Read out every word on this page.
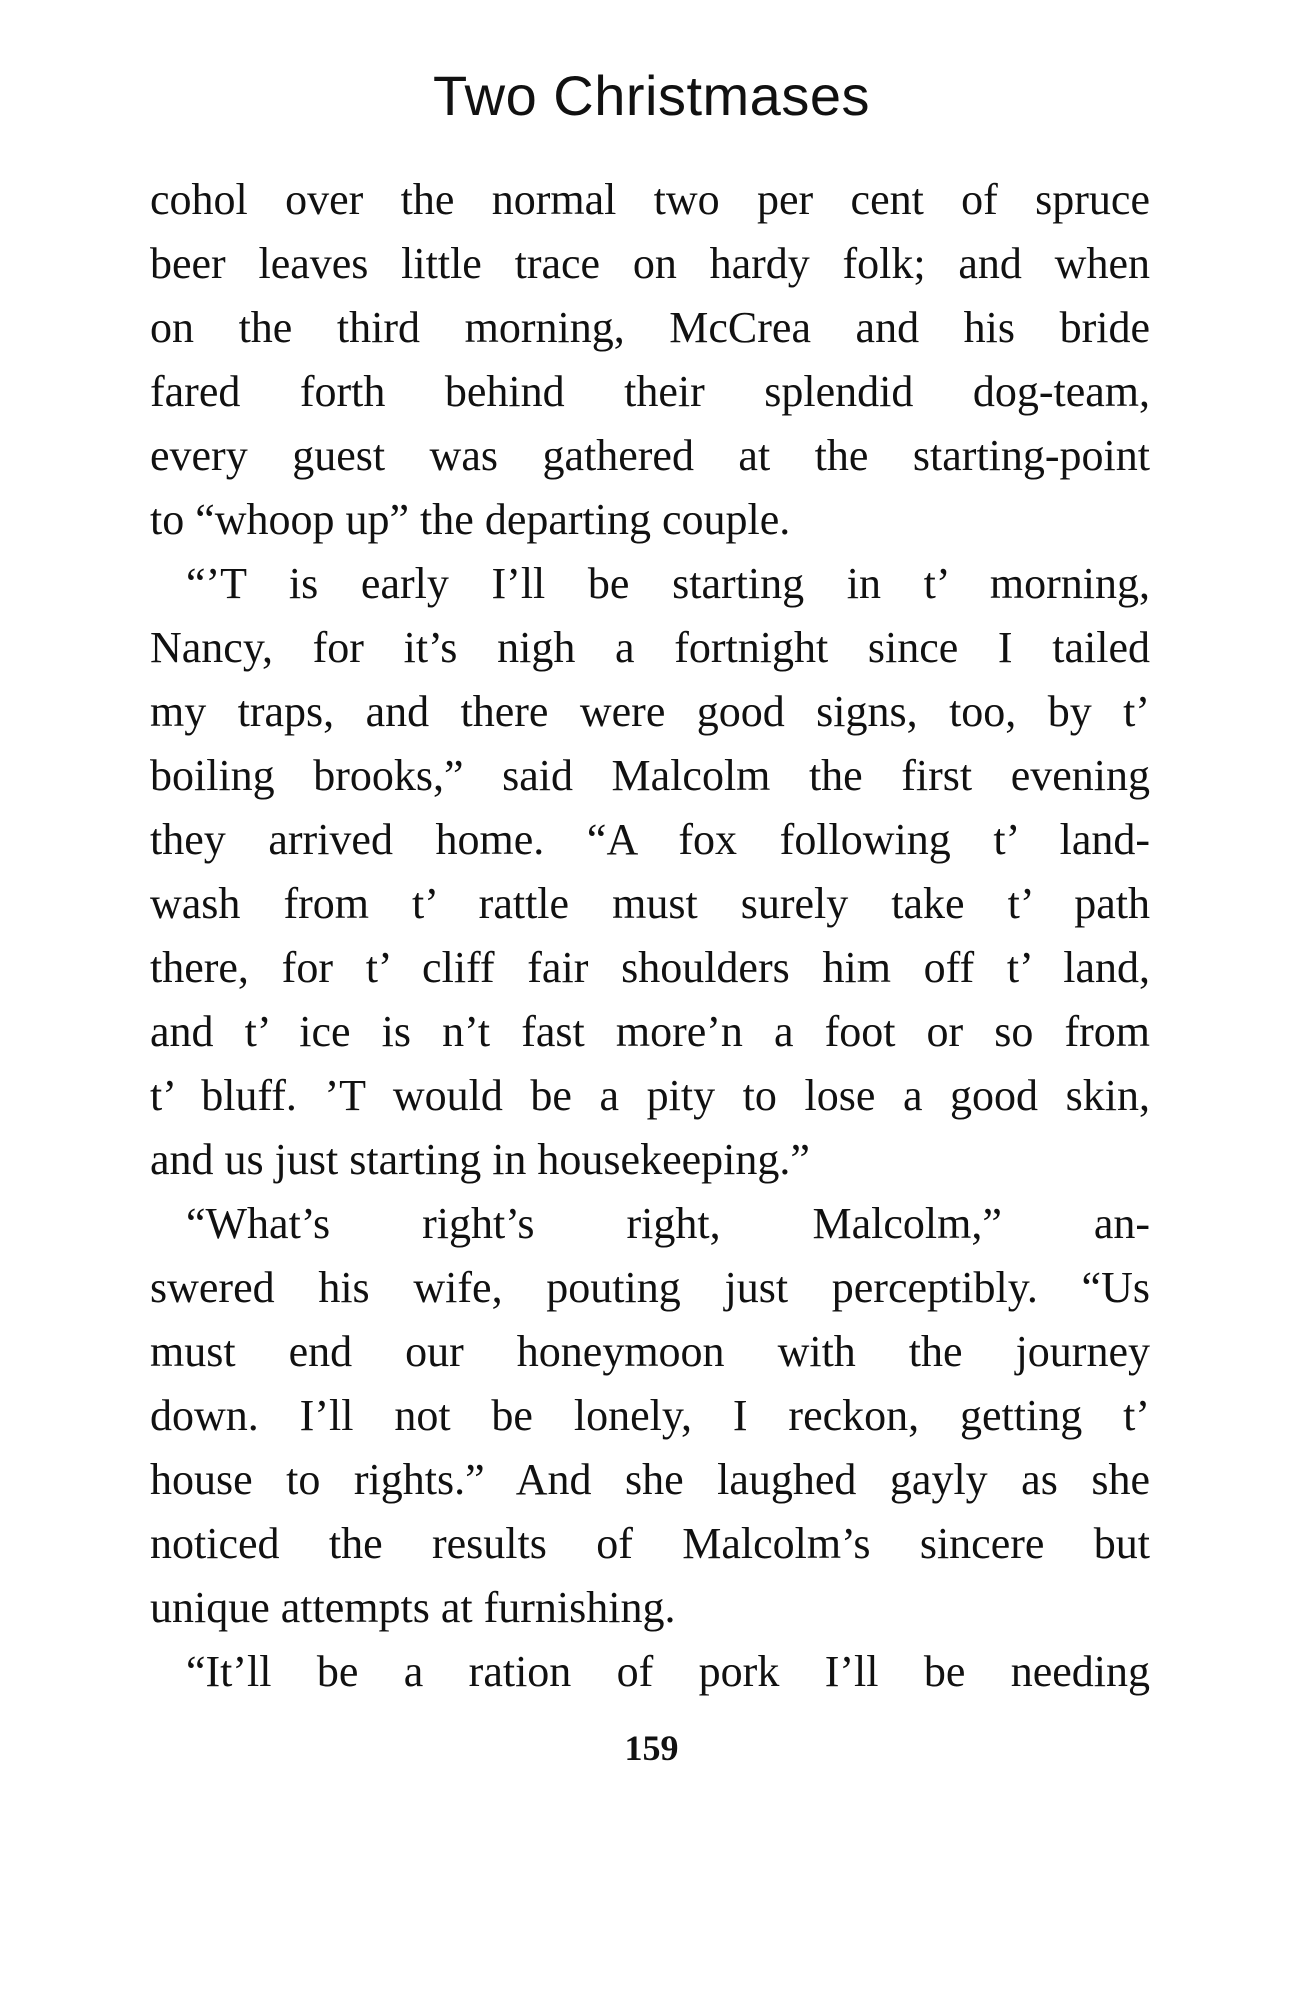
Two Christmases
cohol over the normal two per cent of spruce
beer leaves little trace on hardy folk; and when
on the third morning, McCrea and his bride
fared forth behind their splendid dog-team,
every guest was gathered at the starting-point
to “whoop up” the departing couple.
“’T is early I’ll be starting in t’ morning,
Nancy, for it’s nigh a fortnight since I tailed
my traps, and there were good signs, too, by t’
boiling brooks,” said Malcolm the first evening
they arrived home. “A fox following t’ land-
wash from t’ rattle must surely take t’ path
there, for t’ cliff fair shoulders him off t’ land,
and t’ ice is n’t fast more’n a foot or so from
t’ bluff. ’T would be a pity to lose a good skin,
and us just starting in housekeeping.”
“What’s right’s right, Malcolm,” an-
swered his wife, pouting just perceptibly. “Us
must end our honeymoon with the journey
down. I’ll not be lonely, I reckon, getting t’
house to rights.” And she laughed gayly as she
noticed the results of Malcolm’s sincere but
unique attempts at furnishing.
“It’ll be a ration of pork I’ll be needing
159
